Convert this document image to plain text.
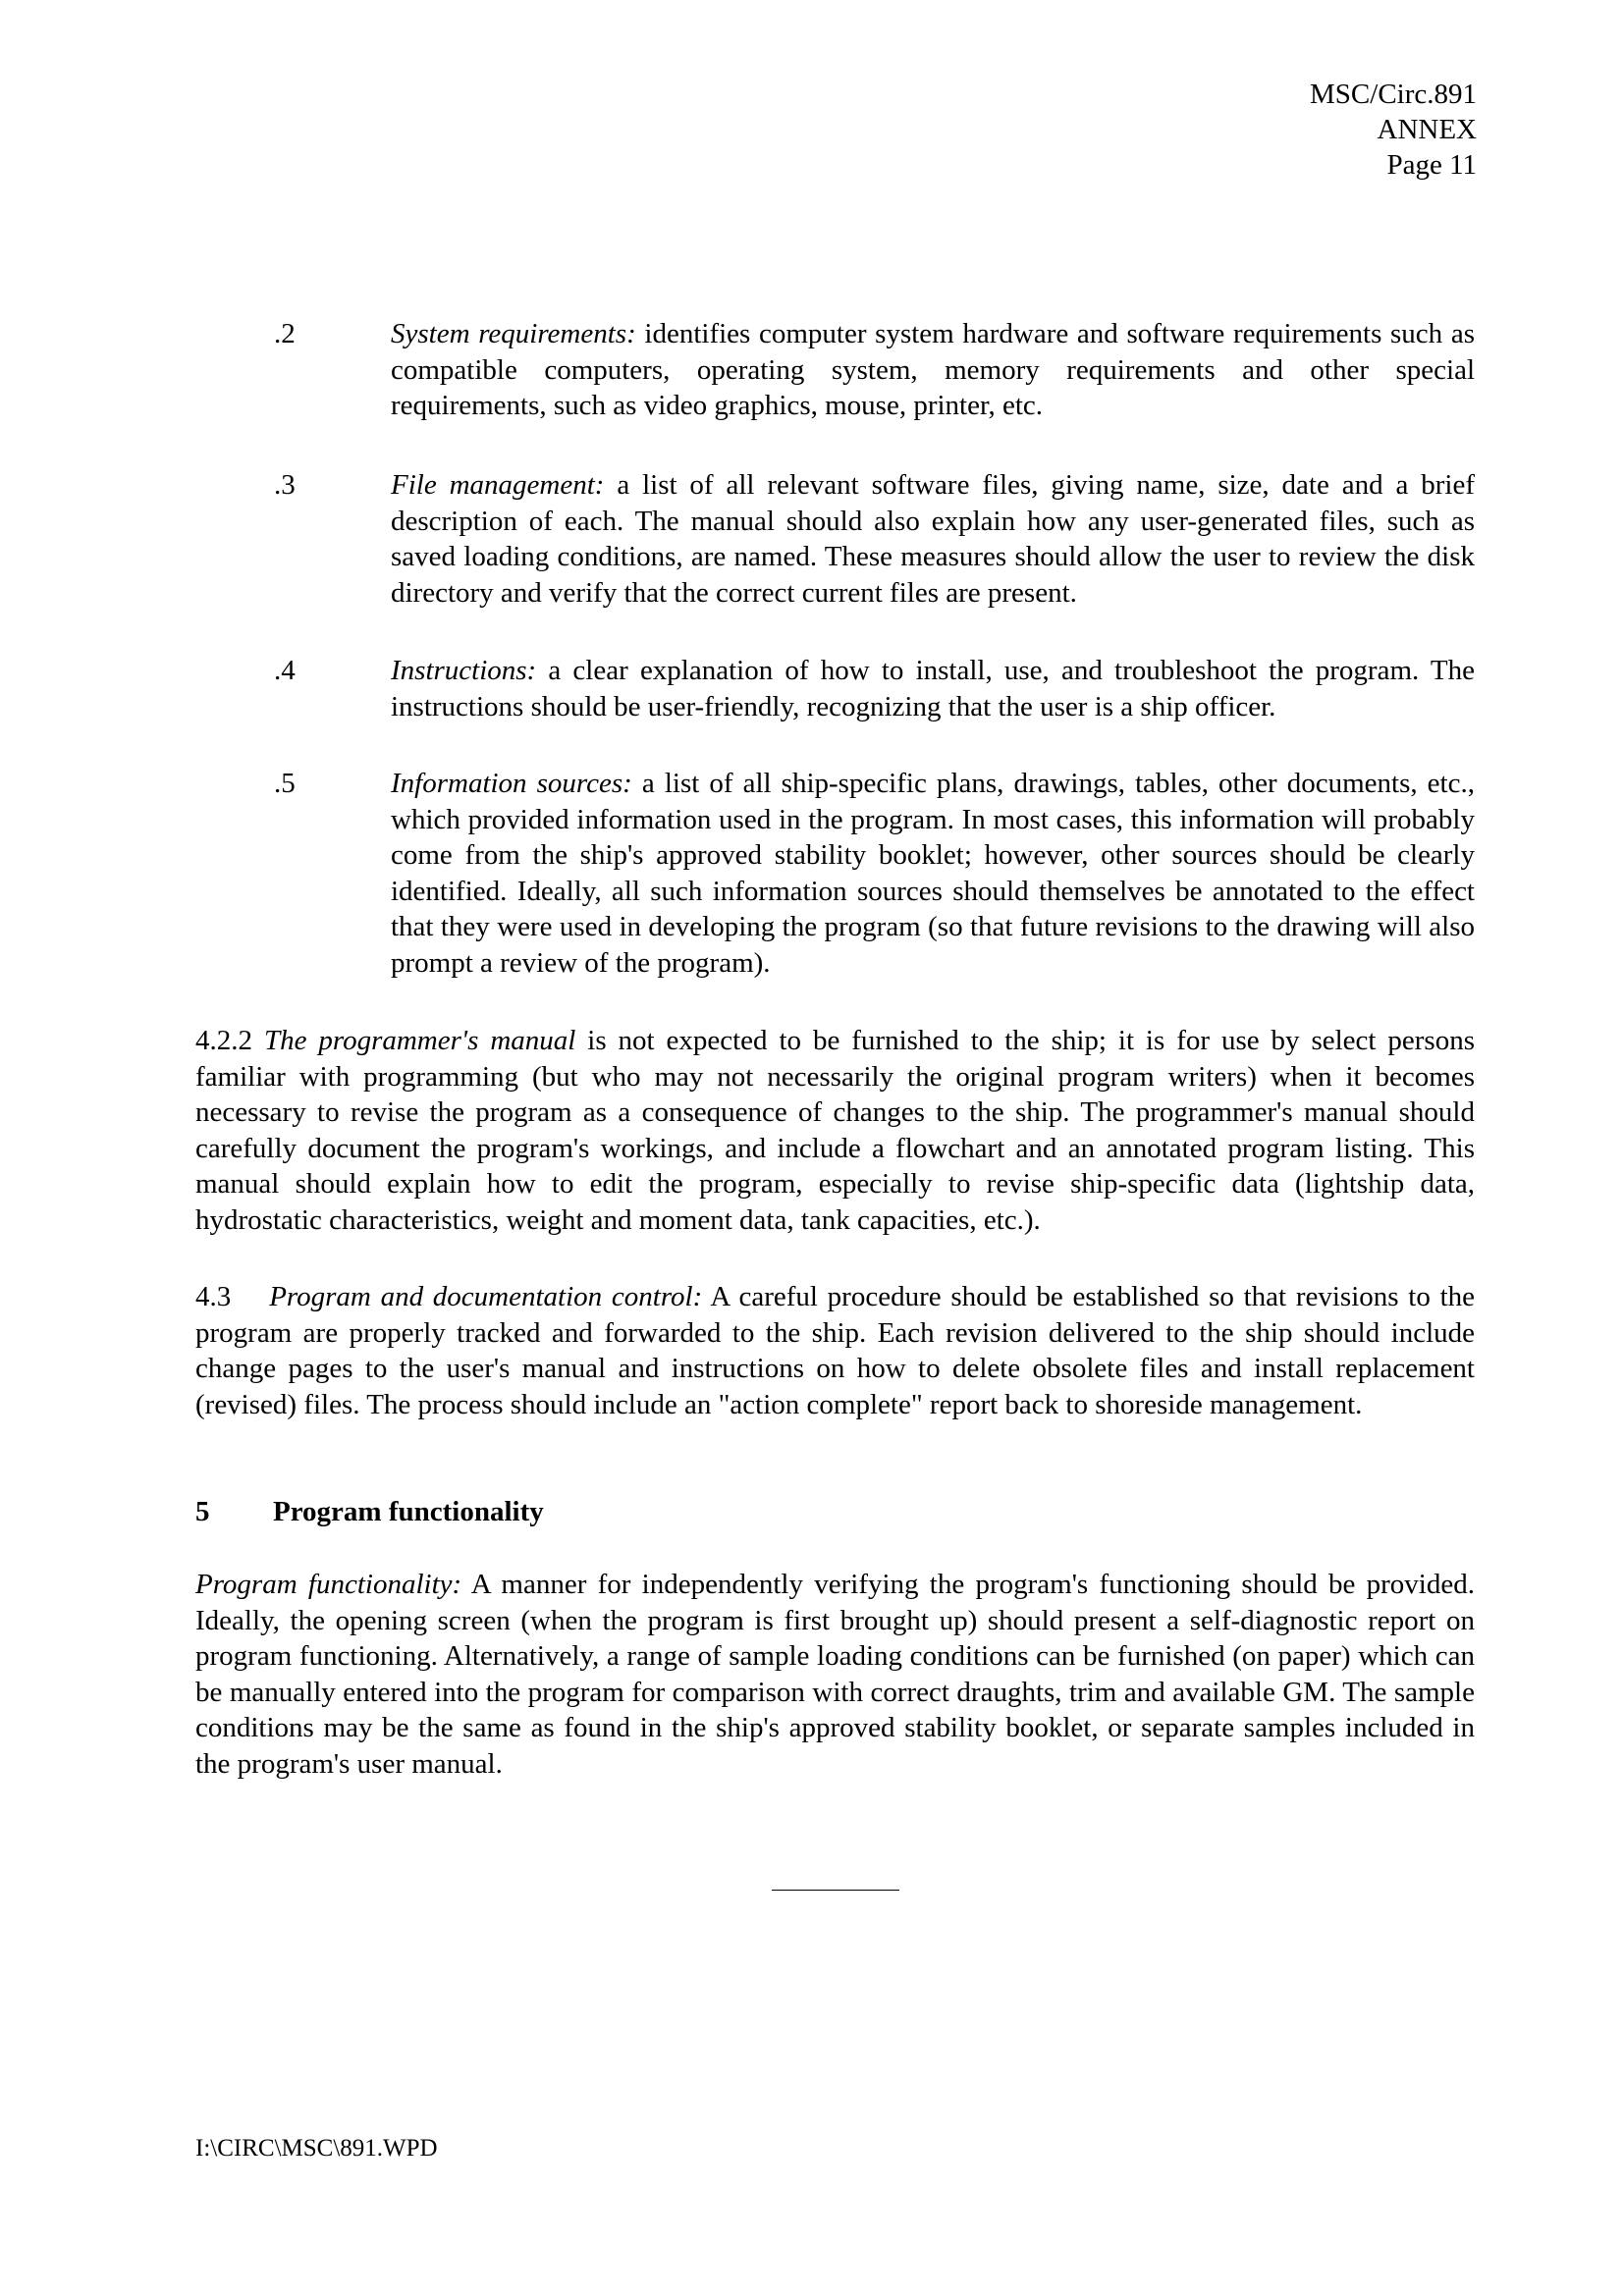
MSC/Circ.891
ANNEX
Page 11
.2	System requirements: identifies computer system hardware and software requirements such as compatible computers, operating system, memory requirements and other special requirements, such as video graphics, mouse, printer, etc.
.3	File management: a list of all relevant software files, giving name, size, date and a brief description of each. The manual should also explain how any user-generated files, such as saved loading conditions, are named. These measures should allow the user to review the disk directory and verify that the correct current files are present.
.4	Instructions: a clear explanation of how to install, use, and troubleshoot the program. The instructions should be user-friendly, recognizing that the user is a ship officer.
.5	Information sources: a list of all ship-specific plans, drawings, tables, other documents, etc., which provided information used in the program. In most cases, this information will probably come from the ship's approved stability booklet; however, other sources should be clearly identified. Ideally, all such information sources should themselves be annotated to the effect that they were used in developing the program (so that future revisions to the drawing will also prompt a review of the program).
4.2.2 The programmer's manual is not expected to be furnished to the ship; it is for use by select persons familiar with programming (but who may not necessarily the original program writers) when it becomes necessary to revise the program as a consequence of changes to the ship. The programmer's manual should carefully document the program's workings, and include a flowchart and an annotated program listing. This manual should explain how to edit the program, especially to revise ship-specific data (lightship data, hydrostatic characteristics, weight and moment data, tank capacities, etc.).
4.3 Program and documentation control: A careful procedure should be established so that revisions to the program are properly tracked and forwarded to the ship. Each revision delivered to the ship should include change pages to the user's manual and instructions on how to delete obsolete files and install replacement (revised) files. The process should include an "action complete" report back to shoreside management.
5 Program functionality
Program functionality: A manner for independently verifying the program's functioning should be provided. Ideally, the opening screen (when the program is first brought up) should present a self-diagnostic report on program functioning. Alternatively, a range of sample loading conditions can be furnished (on paper) which can be manually entered into the program for comparison with correct draughts, trim and available GM. The sample conditions may be the same as found in the ship's approved stability booklet, or separate samples included in the program's user manual.
I:\CIRC\MSC\891.WPD
